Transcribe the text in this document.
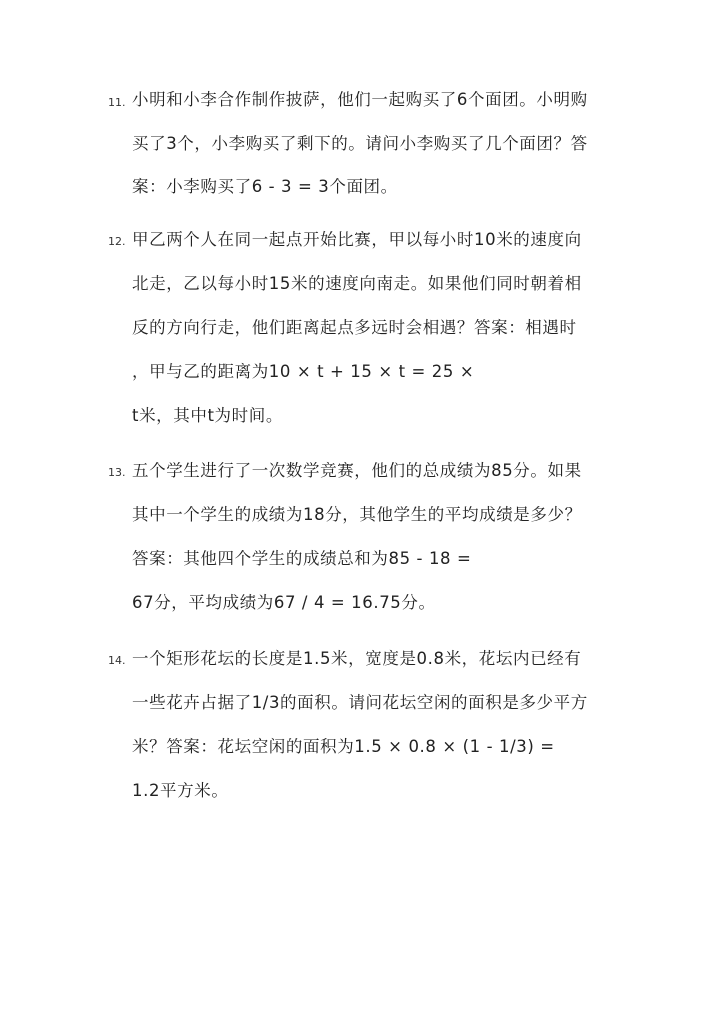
11. 小明和小李合作制作披萨，他们一起购买了6个面团。小明购
买了3个，小李购买了剩下的。请问小李购买了几个面团？答
案：小李购买了6 - 3 = 3个面团。
12. 甲乙两个人在同一起点开始比赛，甲以每小时10米的速度向
北走，乙以每小时15米的速度向南走。如果他们同时朝着相
反的方向行走，他们距离起点多远时会相遇？答案：相遇时
，甲与乙的距离为10 × t + 15 × t = 25 ×
t米，其中t为时间。
13. 五个学生进行了一次数学竞赛，他们的总成绩为85分。如果
其中一个学生的成绩为18分，其他学生的平均成绩是多少？
答案：其他四个学生的成绩总和为85 - 18 =
67分，平均成绩为67 / 4 = 16.75分。
14. 一个矩形花坛的长度是1.5米，宽度是0.8米，花坛内已经有
一些花卉占据了1/3的面积。请问花坛空闲的面积是多少平方
米？答案：花坛空闲的面积为1.5 × 0.8 × (1 - 1/3) =
1.2平方米。
